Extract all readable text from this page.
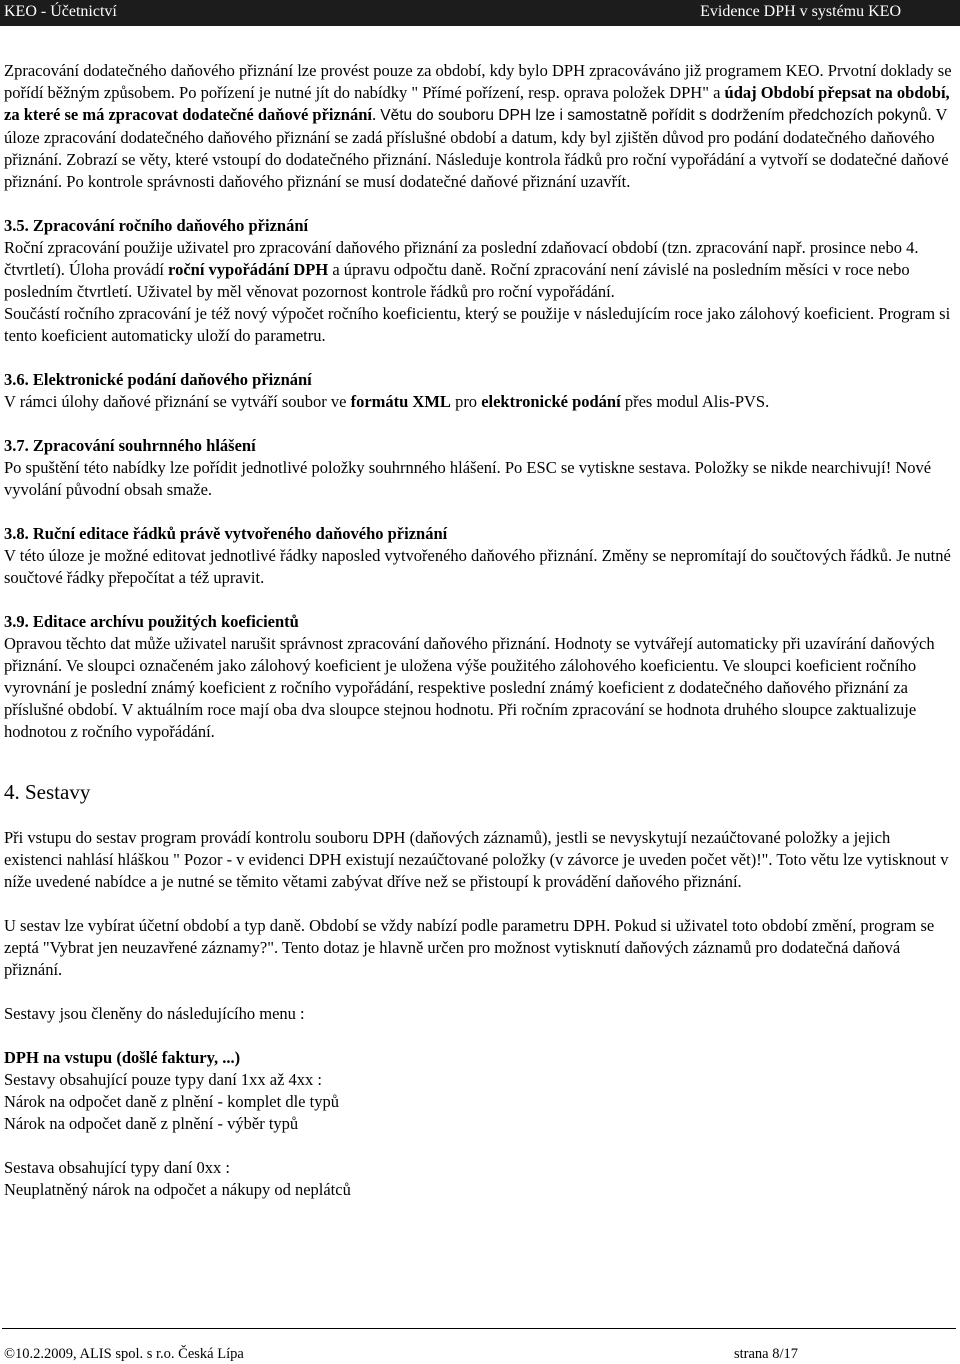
KEO - Účetnictví	Evidence DPH v systému KEO

Zpracování dodatečného daňového přiznání lze provést pouze za období, kdy bylo DPH zpracováváno již programem KEO. Prvotní doklady se pořídí běžným způsobem. Po pořízení je nutné jít do nabídky " Přímé pořízení, resp. oprava položek DPH" a údaj Období přepsat na období, za které se má zpracovat dodatečné daňové přiznání. Větu do souboru DPH lze i samostatně pořídit s dodržením předchozích pokynů. V úloze zpracování dodatečného daňového přiznání se zadá příslušné období a datum, kdy byl zjištěn důvod pro podání dodatečného daňového přiznání. Zobrazí se věty, které vstoupí do dodatečného přiznání. Následuje kontrola řádků pro roční vypořádání a vytvoří se dodatečné daňové přiznání. Po kontrole správnosti daňového přiznání se musí dodatečné daňové přiznání uzavřít.

3.5. Zpracování ročního daňového přiznání

Roční zpracování použije uživatel pro zpracování daňového přiznání za poslední zdaňovací období (tzn. zpracování např. prosince nebo 4. čtvrtletí). Úloha provádí roční vypořádání DPH a úpravu odpočtu daně. Roční zpracování není závislé na posledním měsíci v roce nebo posledním čtvrtletí. Uživatel by měl věnovat pozornost kontrole řádků pro roční vypořádání.

Součástí ročního zpracování je též nový výpočet ročního koeficientu, který se použije v následujícím roce jako zálohový koeficient. Program si tento koeficient automaticky uloží do parametru.

3.6. Elektronické podání daňového přiznání

V rámci úlohy daňové přiznání se vytváří soubor ve formátu XML pro elektronické podání přes modul Alis-PVS.

3.7. Zpracování souhrnného hlášení

Po spuštění této nabídky lze pořídit jednotlivé položky souhrnného hlášení. Po ESC se vytiskne sestava. Položky se nikde nearchivují! Nové vyvolání původní obsah smaže.

3.8. Ruční editace řádků právě vytvořeného daňového přiznání

V této úloze je možné editovat jednotlivé řádky naposled vytvořeného daňového přiznání. Změny se nepromítají do součtových řádků. Je nutné součtové řádky přepočítat a též upravit.

3.9. Editace archívu použitých koeficientů

Opravou těchto dat může uživatel narušit správnost zpracování daňového přiznání. Hodnoty se vytvářejí automaticky při uzavírání daňových přiznání. Ve sloupci označeném jako zálohový koeficient je uložena výše použitého zálohového koeficientu. Ve sloupci koeficient ročního vyrovnání je poslední známý koeficient z ročního vypořádání, respektive poslední známý koeficient z dodatečného daňového přiznání za příslušné období. V aktuálním roce mají oba dva sloupce stejnou hodnotu. Při ročním zpracování se hodnota druhého sloupce zaktualizuje hodnotou z ročního vypořádání.

4. Sestavy

Při vstupu do sestav program provádí kontrolu souboru DPH (daňových záznamů), jestli se nevyskytují nezaúčtované položky a jejich existenci nahlásí hláškou " Pozor - v evidenci DPH existují nezaúčtované položky (v závorce je uveden počet vět)!". Toto větu lze vytisknout v níže uvedené nabídce a je nutné se těmito větami zabývat dříve než se přistoupí k provádění daňového přiznání.

U sestav lze vybírat účetní období a typ daně. Období se vždy nabízí podle parametru DPH. Pokud si uživatel toto období změní, program se zeptá "Vybrat jen neuzavřené záznamy?". Tento dotaz je hlavně určen pro možnost vytisknutí daňových záznamů pro dodatečná daňová přiznání.

Sestavy jsou členěny do následujícího menu :

DPH na vstupu (došlé faktury, ...)

Sestavy obsahující pouze typy daní 1xx až 4xx :

Nárok na odpočet daně z plnění - komplet dle typů

Nárok na odpočet daně z plnění - výběr typů

Sestava obsahující typy daní 0xx :

Neuplatněný nárok na odpočet a nákupy od neplátců

©10.2.2009, ALIS spol. s r.o. Česká Lípa	strana 8/17
